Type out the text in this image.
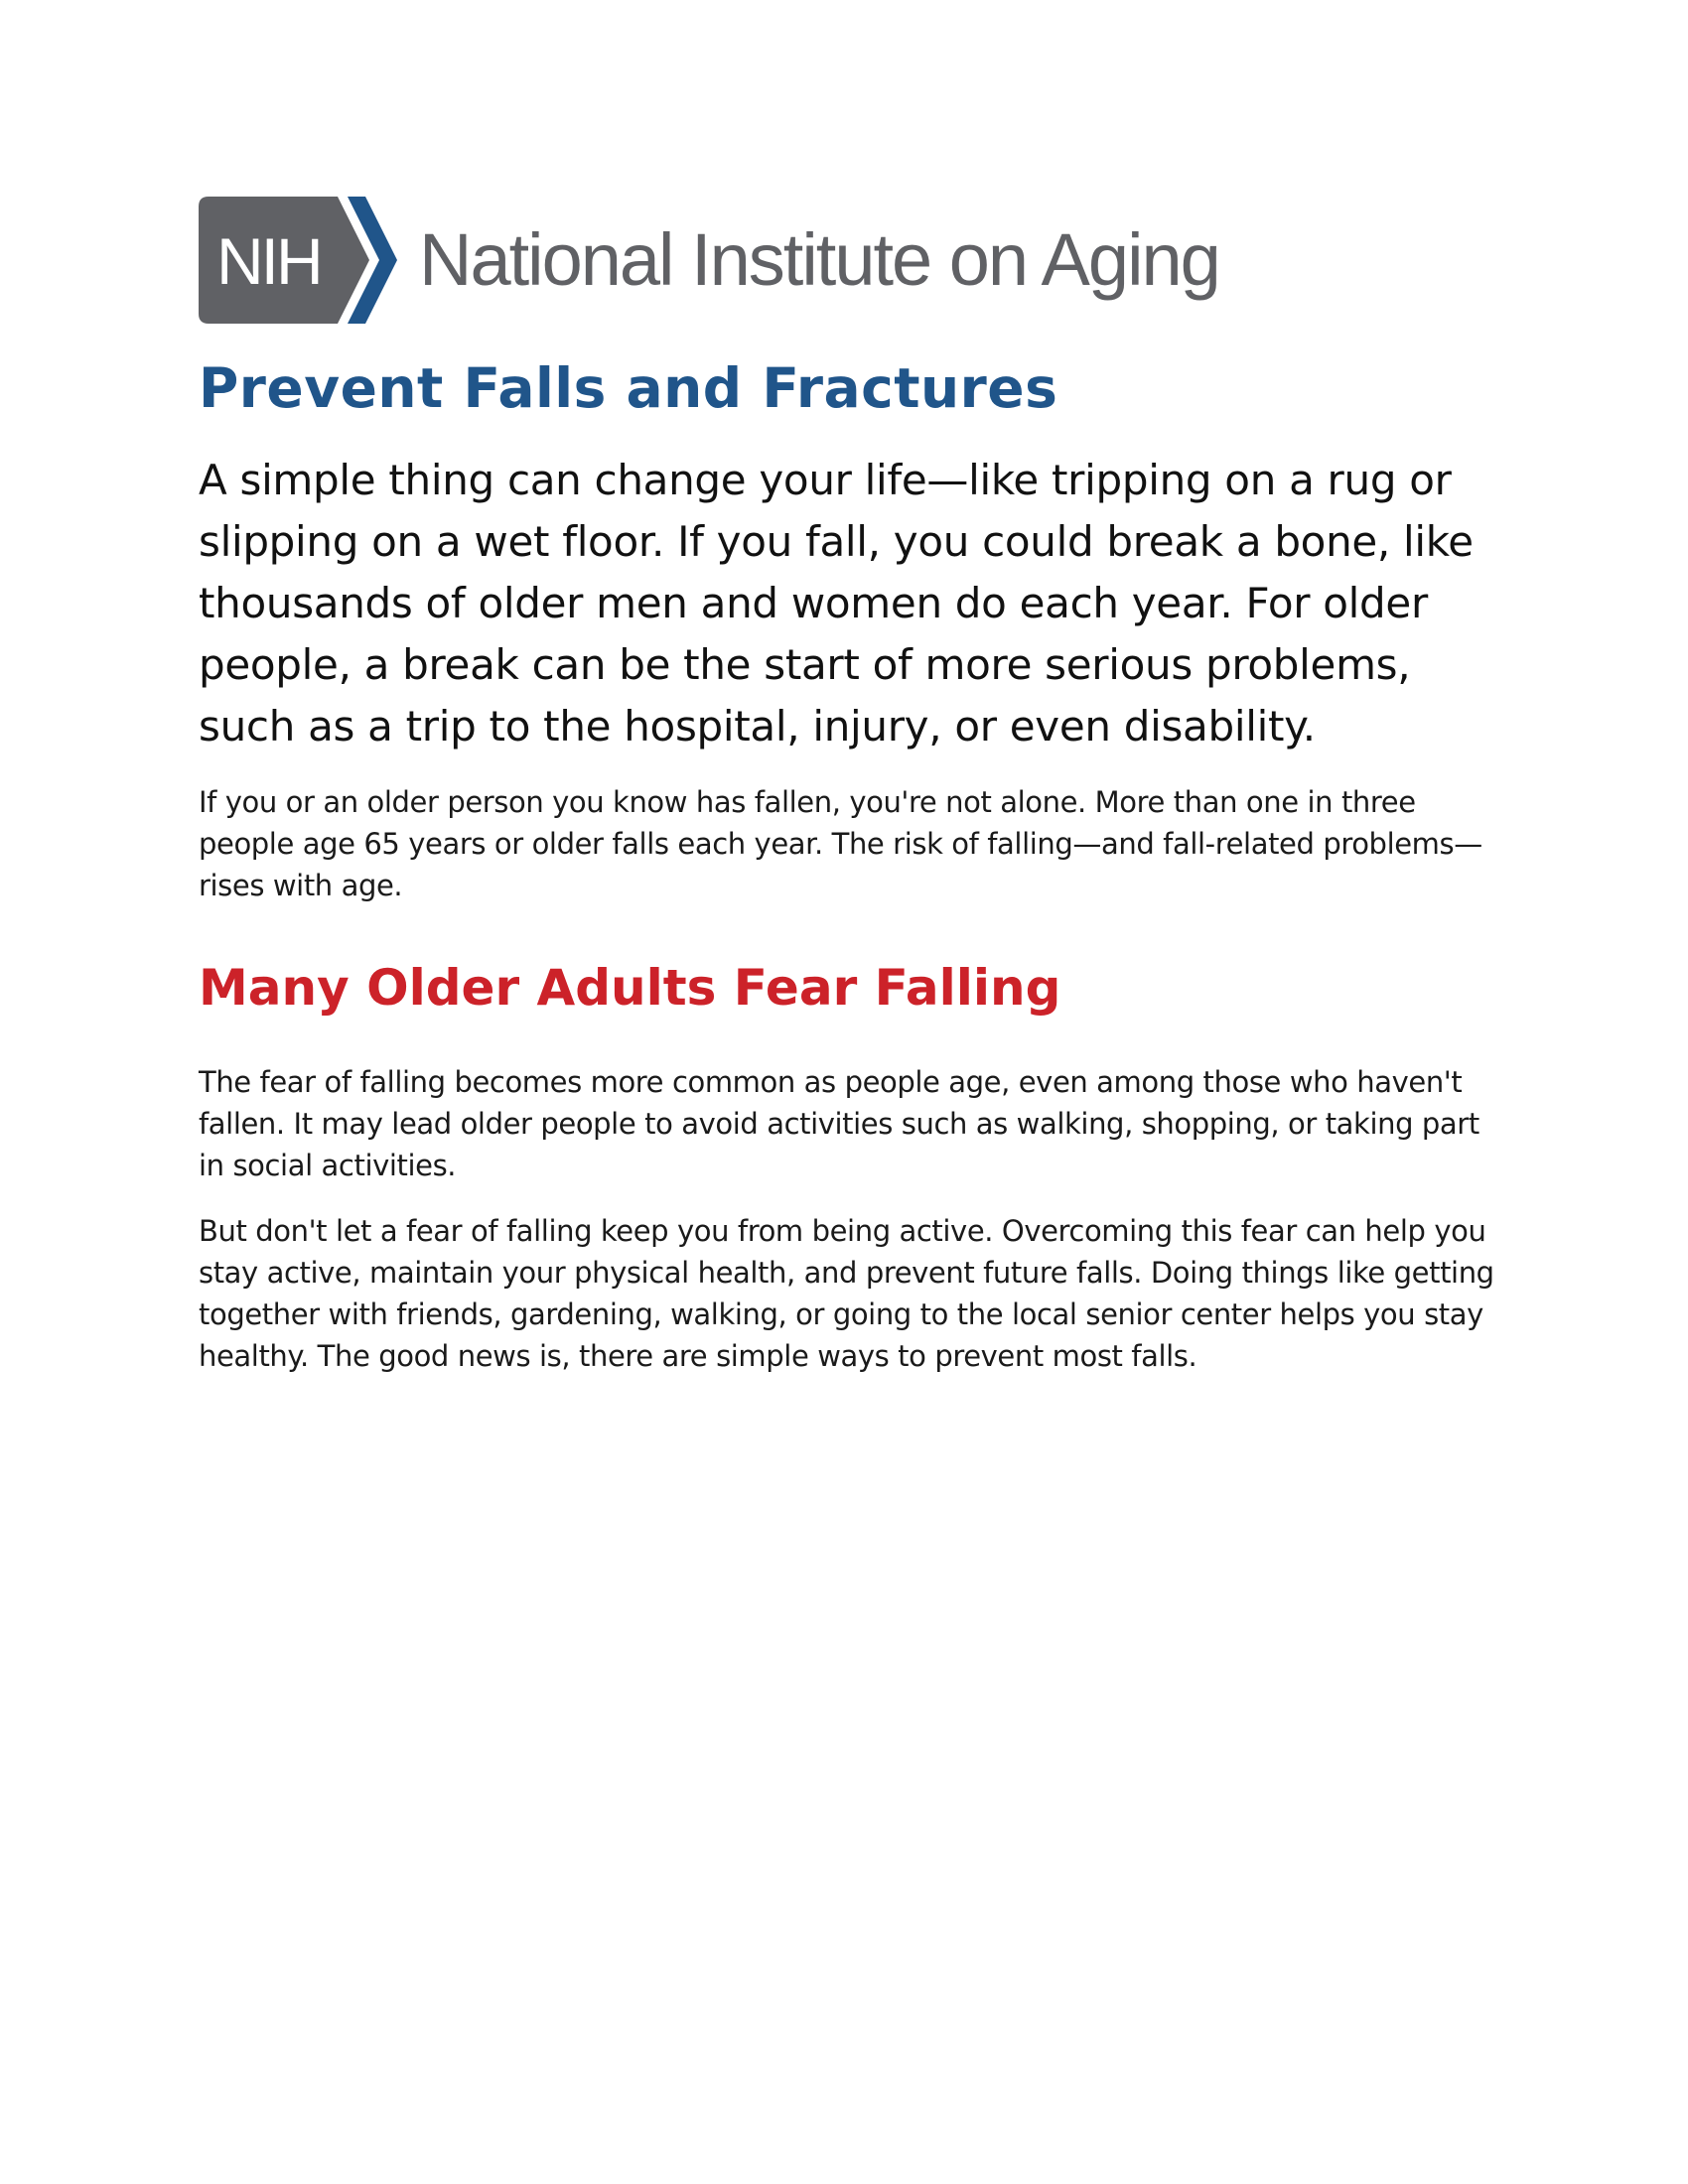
NIH National Institute on Aging
Prevent Falls and Fractures

A simple thing can change your life—like tripping on a rug or slipping on a wet floor. If you fall, you could break a bone, like thousands of older men and women do each year. For older people, a break can be the start of more serious problems, such as a trip to the hospital, injury, or even disability.

If you or an older person you know has fallen, you're not alone. More than one in three people age 65 years or older falls each year. The risk of falling—and fall-related problems—rises with age.

Many Older Adults Fear Falling

The fear of falling becomes more common as people age, even among those who haven't fallen. It may lead older people to avoid activities such as walking, shopping, or taking part in social activities.

But don't let a fear of falling keep you from being active. Overcoming this fear can help you stay active, maintain your physical health, and prevent future falls. Doing things like getting together with friends, gardening, walking, or going to the local senior center helps you stay healthy. The good news is, there are simple ways to prevent most falls.
